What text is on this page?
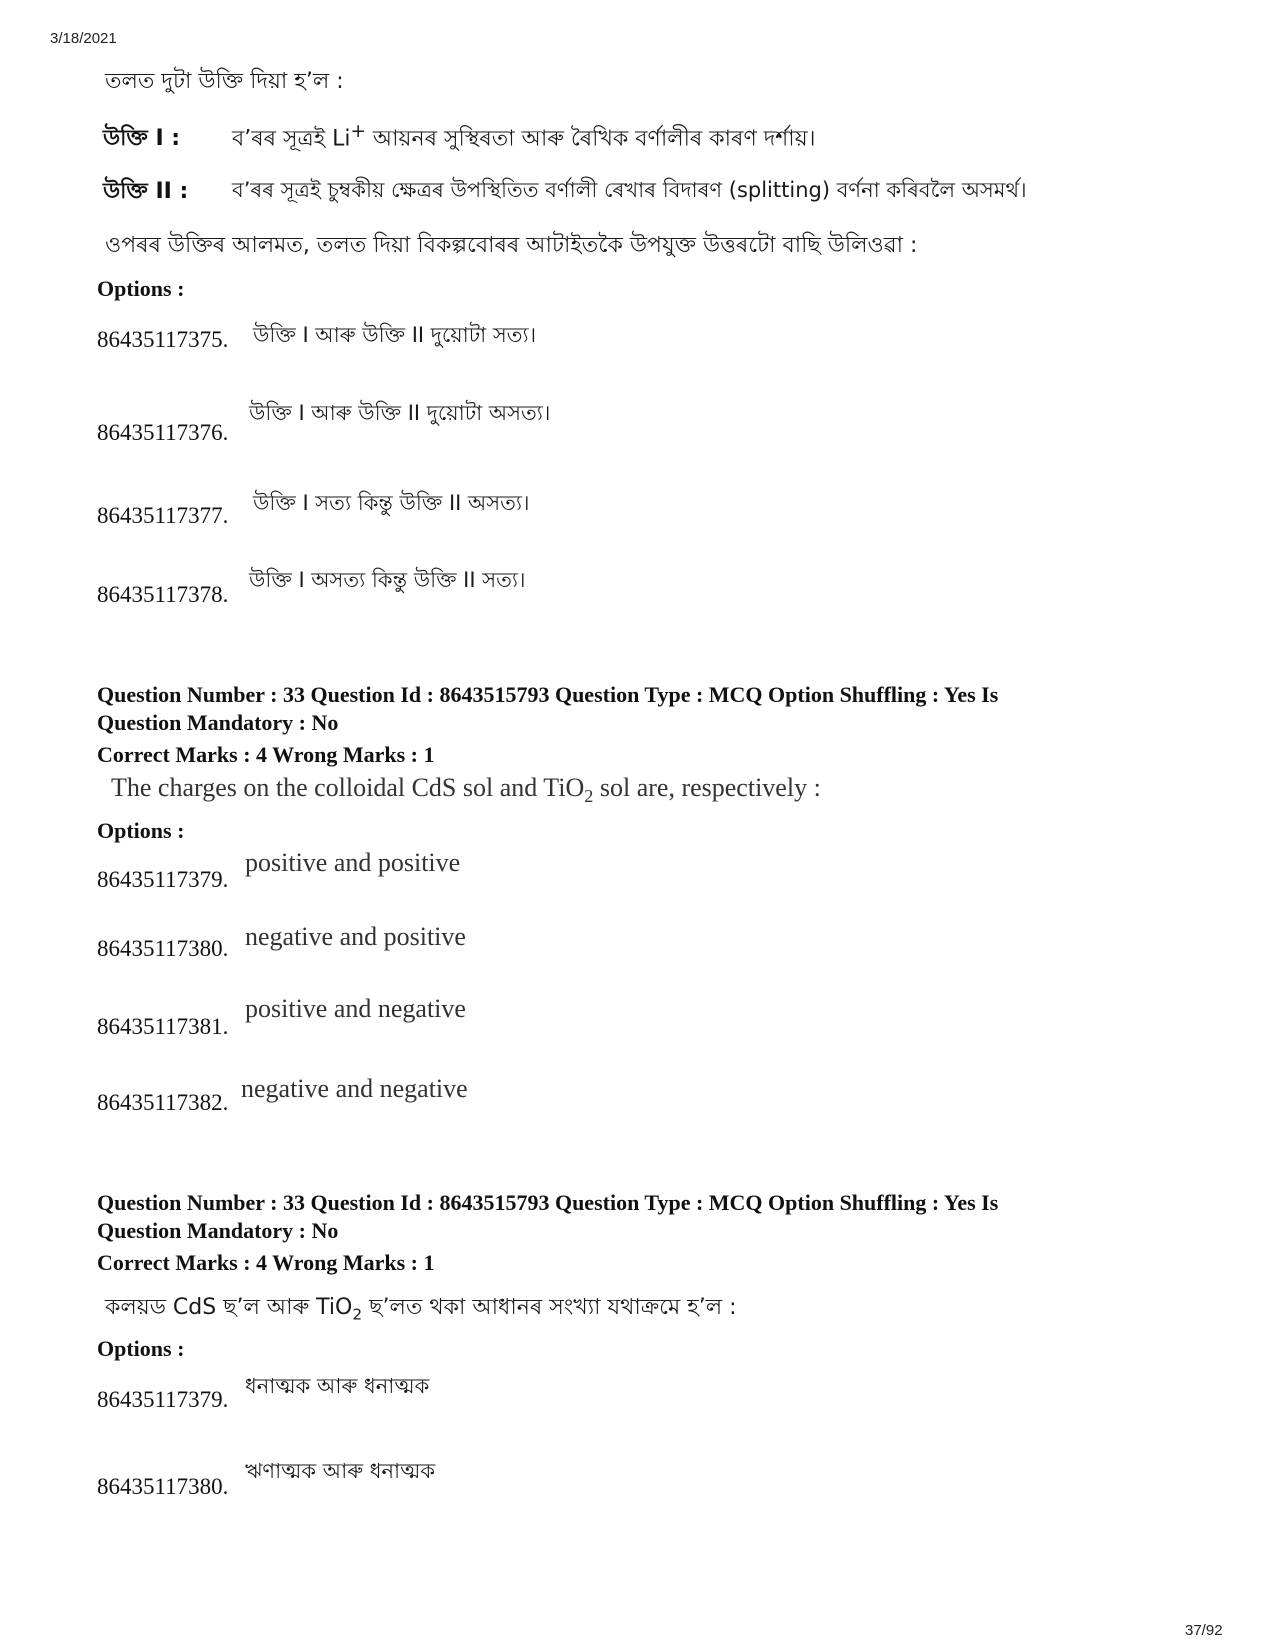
3/18/2021
37/92
তলত দুটা উক্তি দিয়া হ’ল :
উক্তি I : ব’ৰৰ সূত্ৰই Li+ আয়নৰ সুস্থিৰতা আৰু ৰৈখিক বৰ্ণালীৰ কাৰণ দৰ্শায়।
উক্তি II : ব’ৰৰ সূত্ৰই চুম্বকীয় ক্ষেত্ৰৰ উপস্থিতিত বৰ্ণালী ৰেখাৰ বিদাৰণ (splitting) বৰ্ণনা কৰিবলৈ অসমৰ্থ।
ওপৰৰ উক্তিৰ আলমত, তলত দিয়া বিকল্পবোৰৰ আটাইতকৈ উপযুক্ত উত্তৰটো বাছি উলিওৱা :
Options :
86435117375. উক্তি I আৰু উক্তি II দুয়োটা সত্য।
86435117376.
উক্তি I আৰু উক্তি II দুয়োটা অসত্য।
86435117377. উক্তি I সত্য কিন্তু উক্তি II অসত্য।
86435117378.
উক্তি I অসত্য কিন্তু উক্তি II সত্য।
Question Number : 33 Question Id : 8643515793 Question Type : MCQ Option Shuffling : Yes Is
Question Mandatory : No
Correct Marks : 4 Wrong Marks : 1
The charges on the colloidal CdS sol and TiO$_2$ sol are, respectively :
Options :
86435117379.
positive and positive
86435117380. negative and positive
86435117381.
positive and negative
86435117382. negative and negative
Question Number : 33 Question Id : 8643515793 Question Type : MCQ Option Shuffling : Yes Is
Question Mandatory : No
Correct Marks : 4 Wrong Marks : 1
কলয়ড CdS ছ’ল আৰু TiO$_2$ ছ’লত থকা আধানৰ সংখ্যা যথাক্ৰমে হ’ল :
Options :
86435117379.
ধনাত্মক আৰু ধনাত্মক
86435117380.
ঋণাত্মক আৰু ধনাত্মক
